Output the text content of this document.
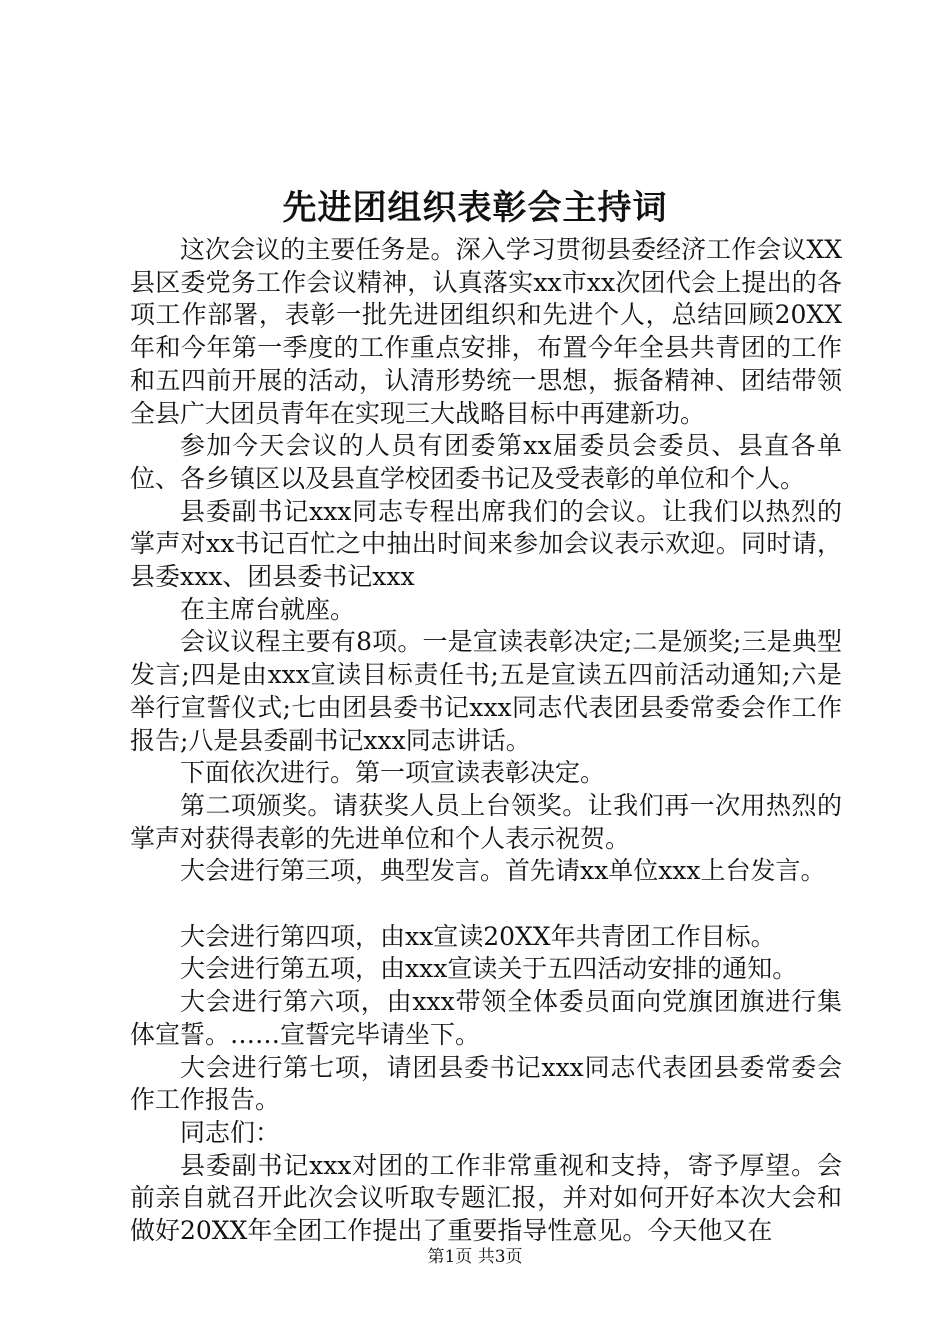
先进团组织表彰会主持词

这次会议的主要任务是。深入学习贯彻县委经济工作会议XX县区委党务工作会议精神，认真落实xx市xx次团代会上提出的各项工作部署，表彰一批先进团组织和先进个人，总结回顾20XX年和今年第一季度的工作重点安排，布置今年全县共青团的工作和五四前开展的活动，认清形势统一思想，振备精神、团结带领全县广大团员青年在实现三大战略目标中再建新功。

参加今天会议的人员有团委第xx届委员会委员、县直各单位、各乡镇区以及县直学校团委书记及受表彰的单位和个人。

县委副书记xxx同志专程出席我们的会议。让我们以热烈的掌声对xx书记百忙之中抽出时间来参加会议表示欢迎。同时请，县委xxx、团县委书记xxx

在主席台就座。

会议议程主要有8项。一是宣读表彰决定;二是颁奖;三是典型发言;四是由xxx宣读目标责任书;五是宣读五四前活动通知;六是举行宣誓仪式;七由团县委书记xxx同志代表团县委常委会作工作报告;八是县委副书记xxx同志讲话。

下面依次进行。第一项宣读表彰决定。

第二项颁奖。请获奖人员上台领奖。让我们再一次用热烈的掌声对获得表彰的先进单位和个人表示祝贺。

大会进行第三项，典型发言。首先请xx单位xxx上台发言。

大会进行第四项，由xx宣读20XX年共青团工作目标。

大会进行第五项，由xxx宣读关于五四活动安排的通知。

大会进行第六项，由xxx带领全体委员面向党旗团旗进行集体宣誓。……宣誓完毕请坐下。

大会进行第七项，请团县委书记xxx同志代表团县委常委会作工作报告。

同志们：

县委副书记xxx对团的工作非常重视和支持，寄予厚望。会前亲自就召开此次会议听取专题汇报，并对如何开好本次大会和做好20XX年全团工作提出了重要指导性意见。今天他又在

第1页 共3页
